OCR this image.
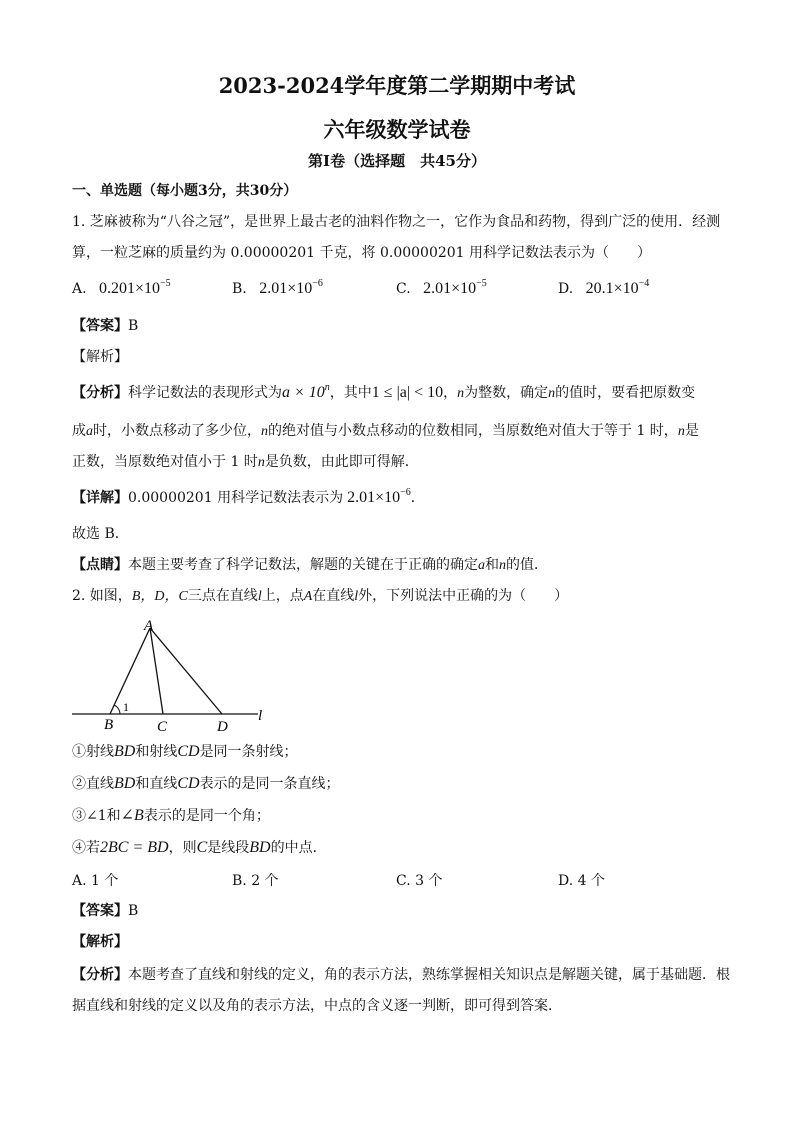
2023-2024学年度第二学期期中考试
六年级数学试卷
第Ⅰ卷（选择题　共45分）
一、单选题（每小题3分，共30分）
1. 芝麻被称为“八谷之冠”，是世界上最古老的油料作物之一，它作为食品和药物，得到广泛的使用．经测
算，一粒芝麻的质量约为 0.00000201 千克，将 0.00000201 用科学记数法表示为（　　）
A. $0.201\times 10^{-5}$	B. $2.01\times 10^{-6}$	C. $2.01\times 10^{-5}$	D. $20.1\times 10^{-4}$
【答案】B
【解析】
【分析】科学记数法的表现形式为$a \times 10^n$，其中1 ≤ |a| < 10，n为整数，确定n的值时，要看把原数变
成a时，小数点移动了多少位，n的绝对值与小数点移动的位数相同，当原数绝对值大于等于 1 时，n是
正数，当原数绝对值小于 1 时n是负数，由此即可得解．
【详解】0.00000201 用科学记数法表示为 $2.01\times 10^{-6}$．
故选 B．
【点睛】本题主要考查了科学记数法，解题的关键在于正确的确定a和n的值．
2. 如图，B，D，C三点在直线l上，点A在直线l外，下列说法中正确的为（　　）
A
B	C	D
l
1
①射线BD和射线CD是同一条射线；
②直线BD和直线CD表示的是同一条直线；
③∠1和∠B表示的是同一个角；
④若2BC = BD，则C是线段BD的中点．
A. 1 个	B. 2 个	C. 3 个	D. 4 个
【答案】B
【解析】
【分析】本题考查了直线和射线的定义，角的表示方法，熟练掌握相关知识点是解题关键，属于基础题．根
据直线和射线的定义以及角的表示方法，中点的含义逐一判断，即可得到答案．
